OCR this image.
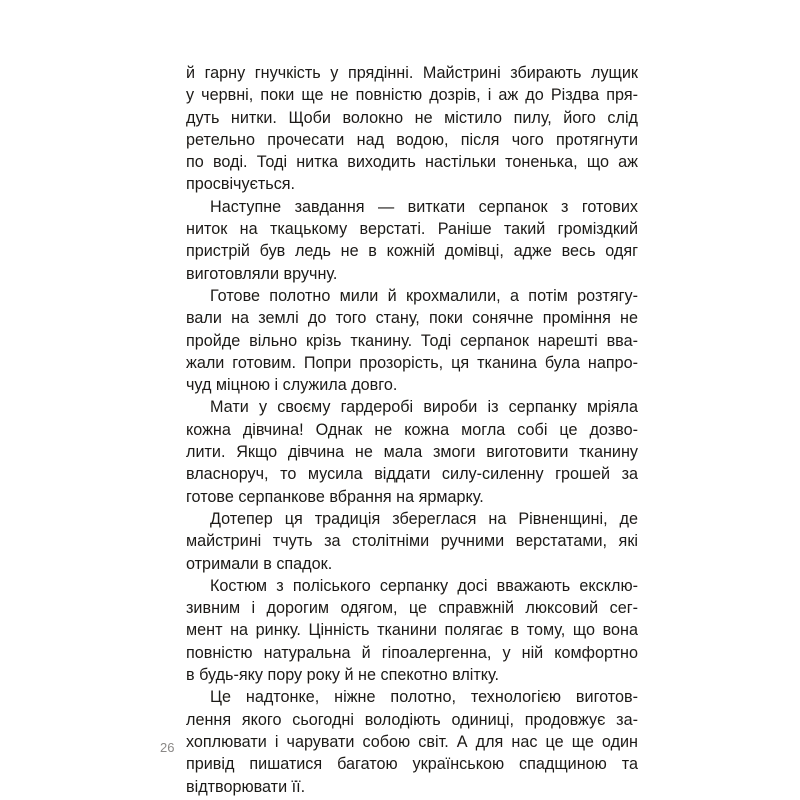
й гарну гнучкість у прядінні. Майстрині збирають лущик
у червні, поки ще не повністю дозрів, і аж до Різдва пря-
дуть нитки. Щоби волокно не містило пилу, його слід
ретельно прочесати над водою, після чого протягнути
по воді. Тоді нитка виходить настільки тоненька, що аж
просвічується.
Наступне завдання — виткати серпанок з готових
ниток на ткацькому верстаті. Раніше такий громіздкий
пристрій був ледь не в кожній домівці, адже весь одяг
виготовляли вручну.
Готове полотно мили й крохмалили, а потім розтягу-
вали на землі до того стану, поки сонячне проміння не
пройде вільно крізь тканину. Тоді серпанок нарешті вва-
жали готовим. Попри прозорість, ця тканина була напро-
чуд міцною і служила довго.
Мати у своєму гардеробі вироби із серпанку мріяла
кожна дівчина! Однак не кожна могла собі це дозво-
лити. Якщо дівчина не мала змоги виготовити тканину
власноруч, то мусила віддати силу-силенну грошей за
готове серпанкове вбрання на ярмарку.
Дотепер ця традиція збереглася на Рівненщині, де
майстрині тчуть за столітніми ручними верстатами, які
отримали в спадок.
Костюм з поліського серпанку досі вважають ексклю-
зивним і дорогим одягом, це справжній люксовий сег-
мент на ринку. Цінність тканини полягає в тому, що вона
повністю натуральна й гіпоалергенна, у ній комфортно
в будь-яку пору року й не спекотно влітку.
Це надтонке, ніжне полотно, технологією виготов-
лення якого сьогодні володіють одиниці, продовжує за-
хоплювати і чарувати собою світ. А для нас це ще один
привід пишатися багатою українською спадщиною та
відтворювати її.
26
